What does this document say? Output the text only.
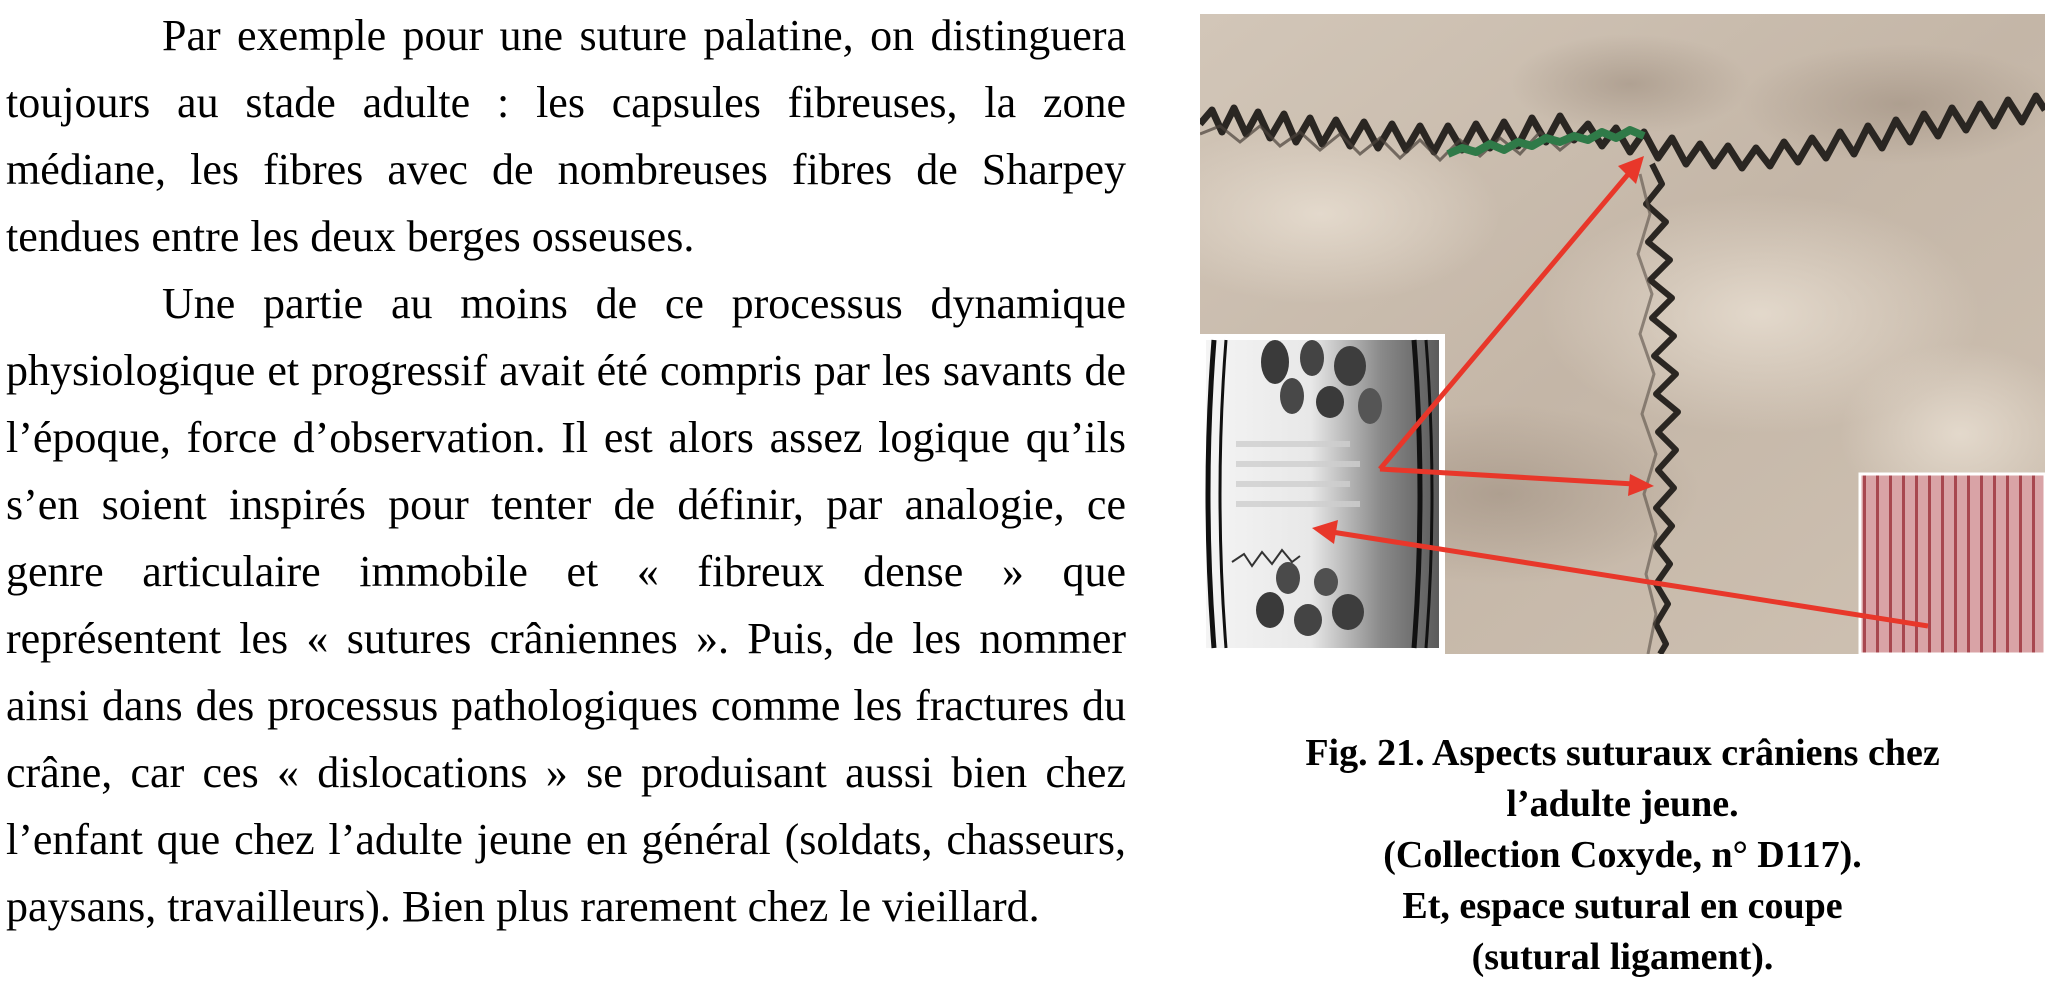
Par exemple pour une suture palatine, on distinguera toujours au stade adulte : les capsules fibreuses, la zone médiane, les fibres avec de nombreuses fibres de Sharpey tendues entre les deux berges osseuses.

Une partie au moins de ce processus dynamique physiologique et progressif avait été compris par les savants de l’époque, force d’observation. Il est alors assez logique qu’ils s’en soient inspirés pour tenter de définir, par analogie, ce genre articulaire immobile et « fibreux dense » que représentent les « sutures crâniennes ». Puis, de les nommer ainsi dans des processus pathologiques comme les fractures du crâne, car ces « dislocations » se produisant aussi bien chez l’enfant que chez l’adulte jeune en général (soldats, chasseurs, paysans, travailleurs). Bien plus rarement chez le vieillard.

Fig. 21. Aspects suturaux crâniens chez
l’adulte jeune.
(Collection Coxyde, n° D117).
Et, espace sutural en coupe
(sutural ligament).
